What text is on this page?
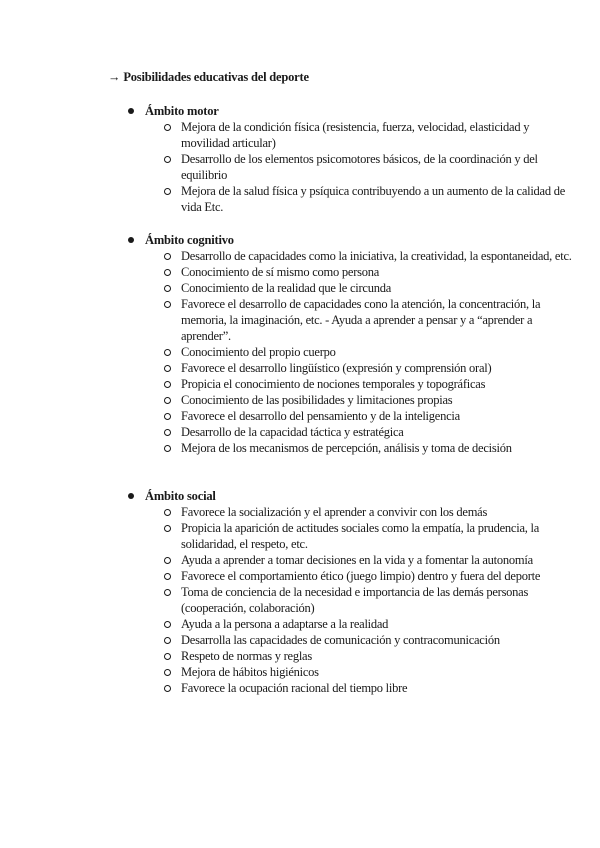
→ Posibilidades educativas del deporte
Ámbito motor
Mejora de la condición física (resistencia, fuerza, velocidad, elasticidad y movilidad articular)
Desarrollo de los elementos psicomotores básicos, de la coordinación y del equilibrio
Mejora de la salud física y psíquica contribuyendo a un aumento de la calidad de vida Etc.
Ámbito cognitivo
Desarrollo de capacidades como la iniciativa, la creatividad, la espontaneidad, etc.
Conocimiento de sí mismo como persona
Conocimiento de la realidad que le circunda
Favorece el desarrollo de capacidades cono la atención, la concentración, la memoria, la imaginación, etc. - Ayuda a aprender a pensar y a “aprender a aprender”.
Conocimiento del propio cuerpo
Favorece el desarrollo lingüístico (expresión y comprensión oral)
Propicia el conocimiento de nociones temporales y topográficas
Conocimiento de las posibilidades y limitaciones propias
Favorece el desarrollo del pensamiento y de la inteligencia
Desarrollo de la capacidad táctica y estratégica
Mejora de los mecanismos de percepción, análisis y toma de decisión
Ámbito social
Favorece la socialización y el aprender a convivir con los demás
Propicia la aparición de actitudes sociales como la empatía, la prudencia, la solidaridad, el respeto, etc.
Ayuda a aprender a tomar decisiones en la vida y a fomentar la autonomía
Favorece el comportamiento ético (juego limpio) dentro y fuera del deporte
Toma de conciencia de la necesidad e importancia de las demás personas (cooperación, colaboración)
Ayuda a la persona a adaptarse a la realidad
Desarrolla las capacidades de comunicación y contracomunicación
Respeto de normas y reglas
Mejora de hábitos higiénicos
Favorece la ocupación racional del tiempo libre
